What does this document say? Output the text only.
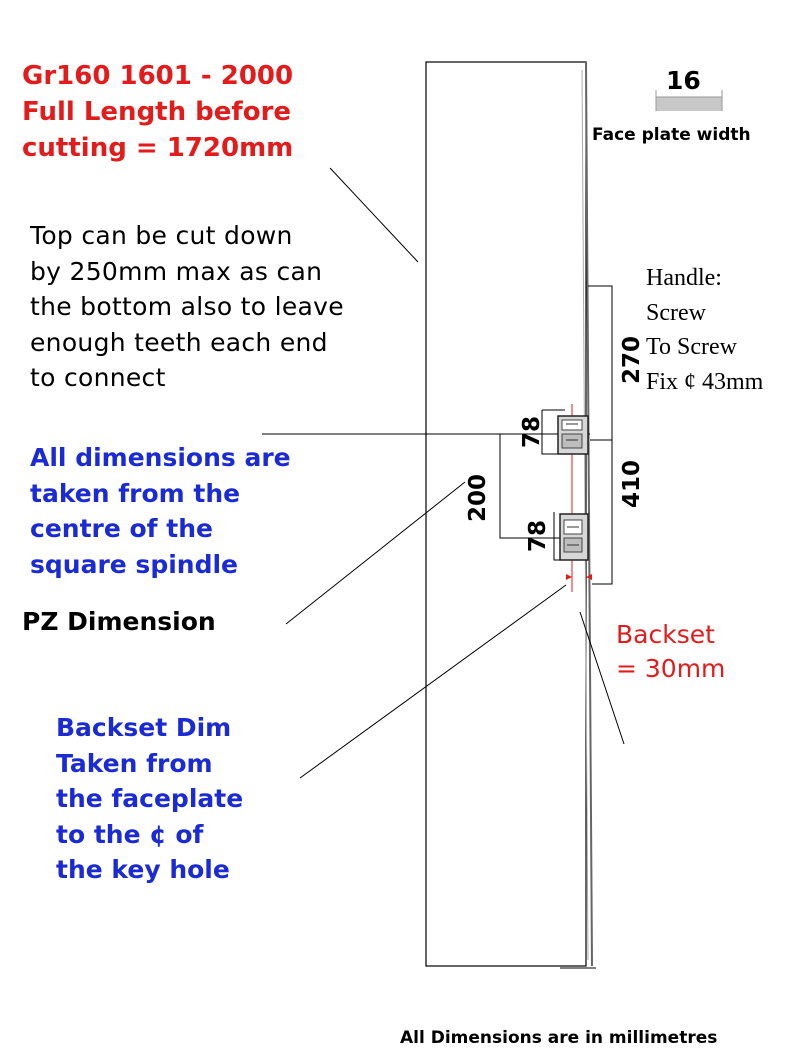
Gr160 1601 - 2000
Full Length before
cutting = 1720mm
Top can be cut down
by 250mm max as can
the bottom also to leave
enough teeth each end
to connect
All dimensions are
taken from the
centre of the
square spindle
PZ Dimension
Backset Dim
Taken from
the faceplate
to the ¢ of
the key hole
16
Face plate width
Handle:
Screw
To Screw
Fix ¢ 43mm
78
78
200
270
410
Backset
= 30mm
All Dimensions are in millimetres
